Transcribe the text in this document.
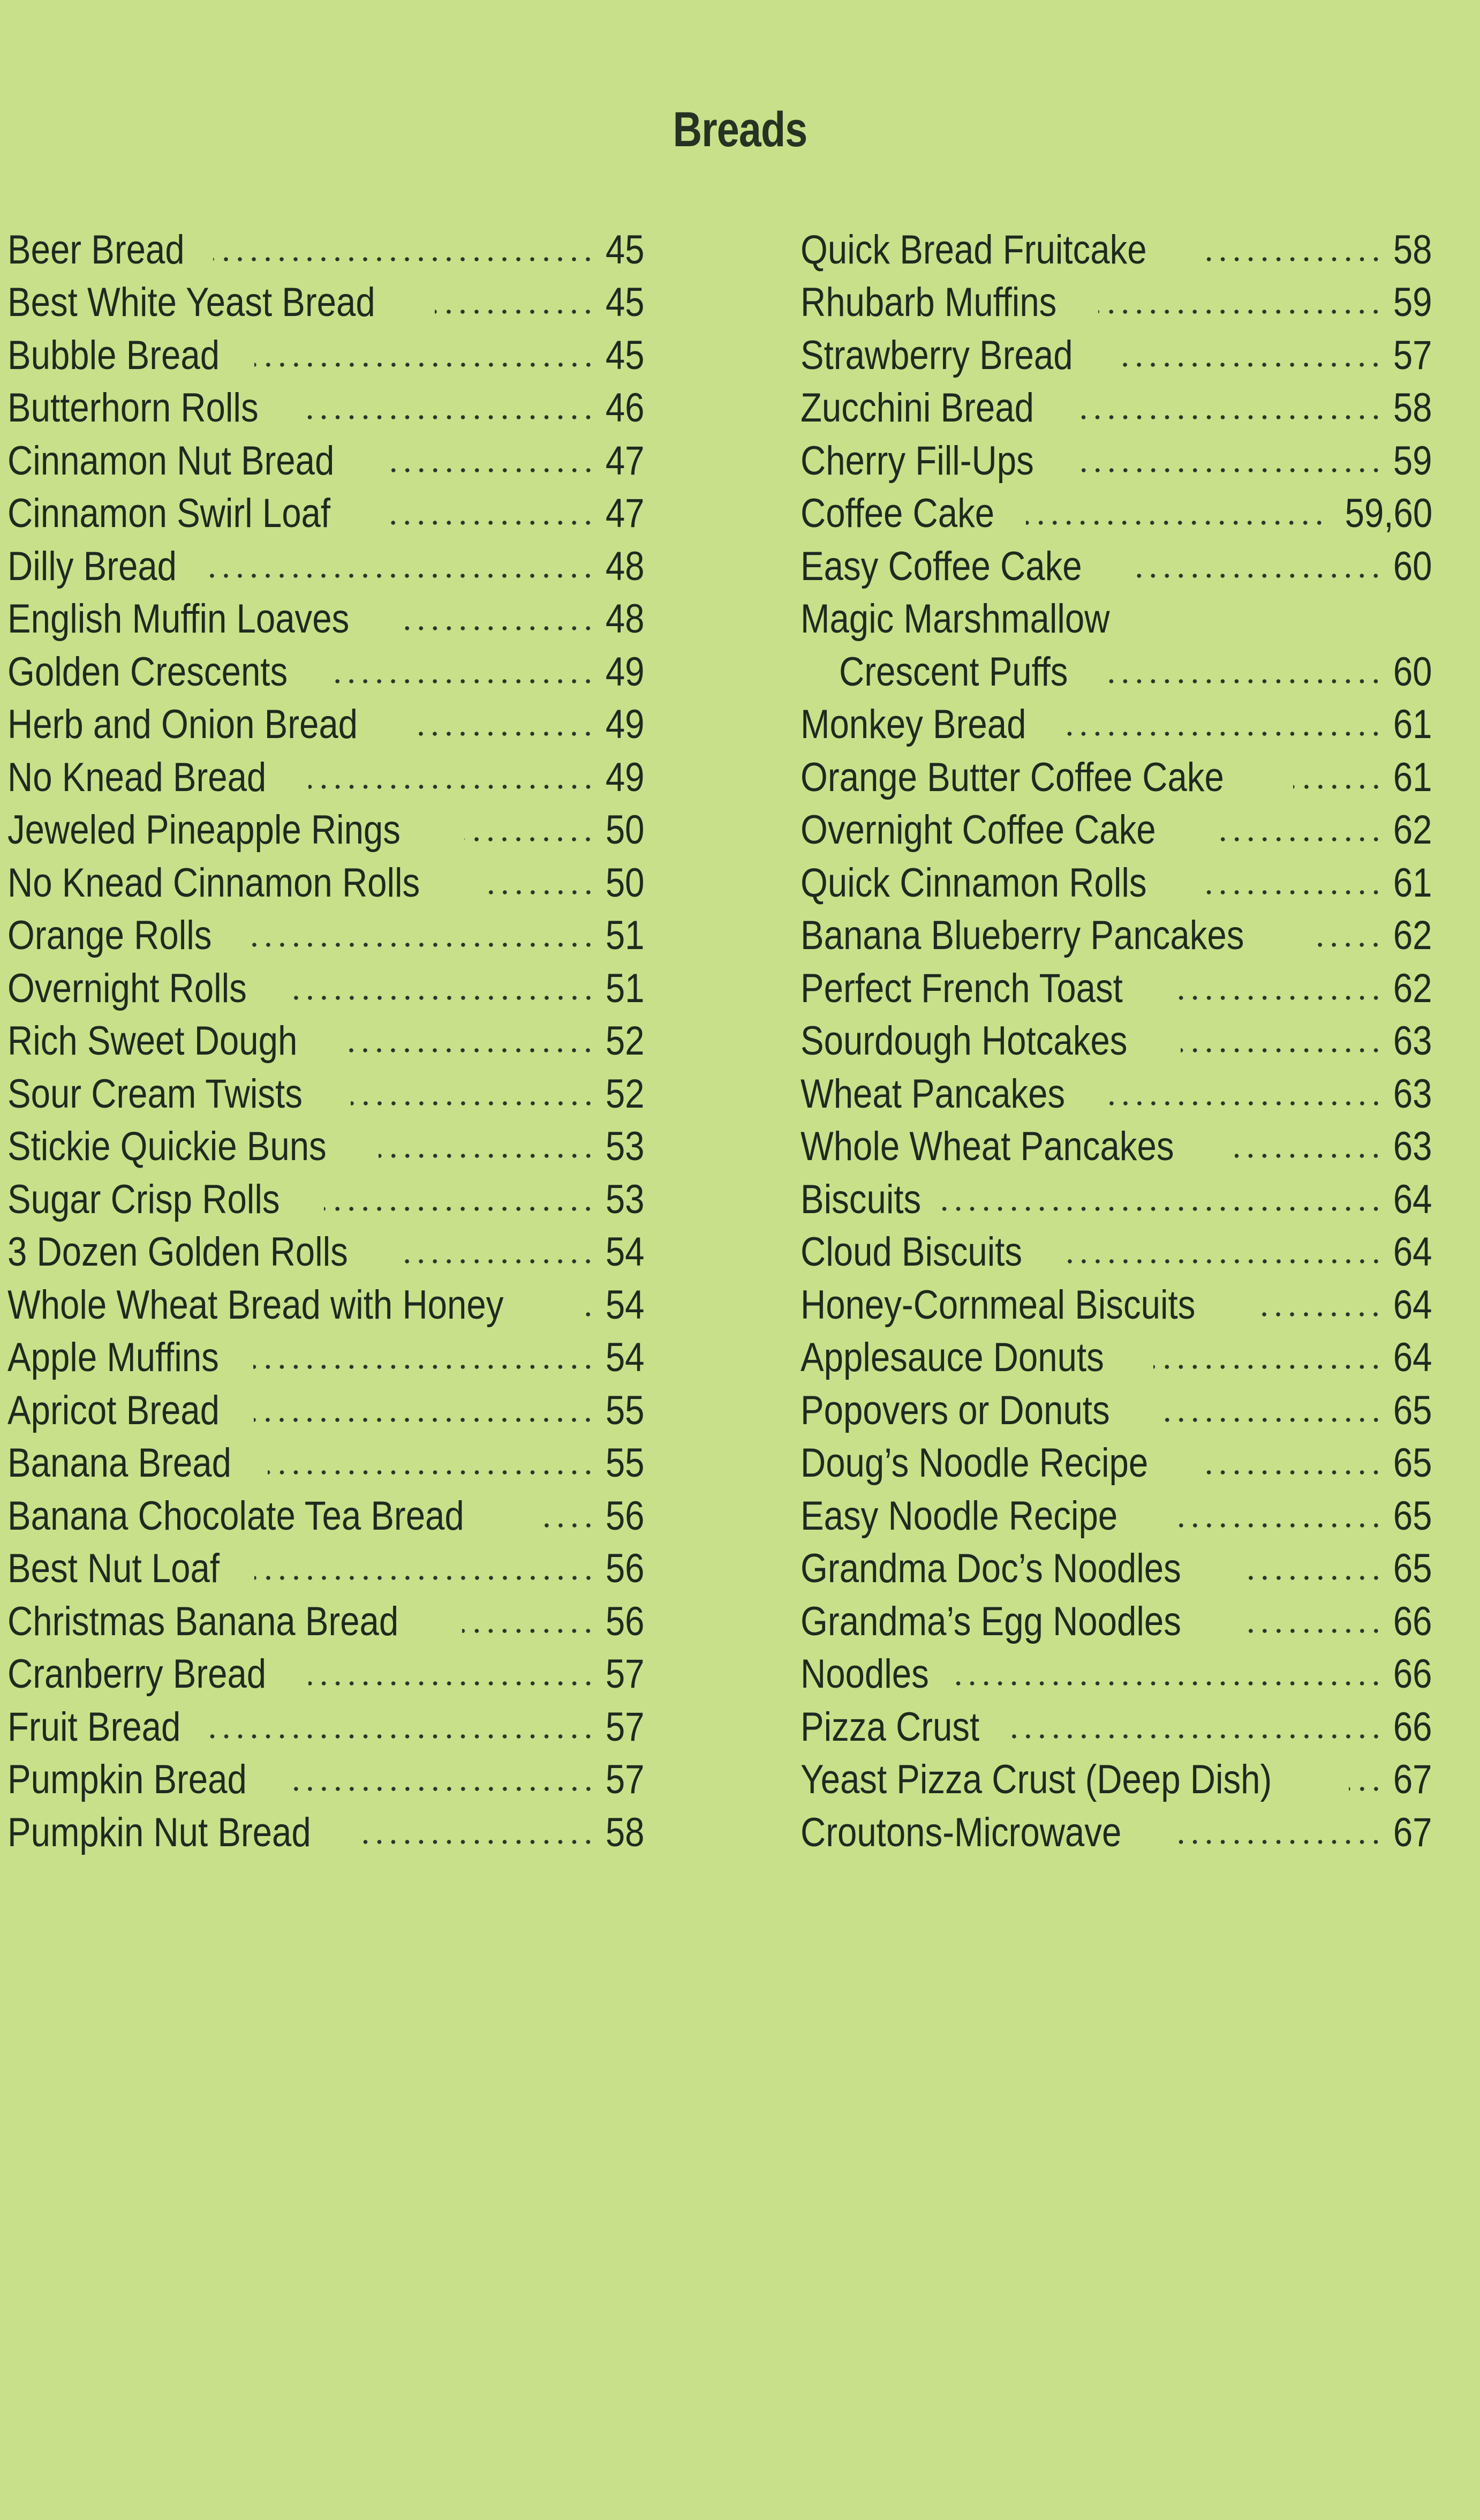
Breads
Beer Bread	45
Best White Yeast Bread	45
Bubble Bread	45
Butterhorn Rolls	46
Cinnamon Nut Bread	47
Cinnamon Swirl Loaf	47
Dilly Bread	48
English Muffin Loaves	48
Golden Crescents	49
Herb and Onion Bread	49
No Knead Bread	49
Jeweled Pineapple Rings	50
No Knead Cinnamon Rolls	50
Orange Rolls	51
Overnight Rolls	51
Rich Sweet Dough	52
Sour Cream Twists	52
Stickie Quickie Buns	53
Sugar Crisp Rolls	53
3 Dozen Golden Rolls	54
Whole Wheat Bread with Honey	54
Apple Muffins	54
Apricot Bread	55
Banana Bread	55
Banana Chocolate Tea Bread	56
Best Nut Loaf	56
Christmas Banana Bread	56
Cranberry Bread	57
Fruit Bread	57
Pumpkin Bread	57
Pumpkin Nut Bread	58
Quick Bread Fruitcake	58
Rhubarb Muffins	59
Strawberry Bread	57
Zucchini Bread	58
Cherry Fill-Ups	59
Coffee Cake	59,60
Easy Coffee Cake	60
Magic Marshmallow
Crescent Puffs	60
Monkey Bread	61
Orange Butter Coffee Cake	61
Overnight Coffee Cake	62
Quick Cinnamon Rolls	61
Banana Blueberry Pancakes	62
Perfect French Toast	62
Sourdough Hotcakes	63
Wheat Pancakes	63
Whole Wheat Pancakes	63
Biscuits	64
Cloud Biscuits	64
Honey-Cornmeal Biscuits	64
Applesauce Donuts	64
Popovers or Donuts	65
Doug’s Noodle Recipe	65
Easy Noodle Recipe	65
Grandma Doc’s Noodles	65
Grandma’s Egg Noodles	66
Noodles	66
Pizza Crust	66
Yeast Pizza Crust (Deep Dish)	67
Croutons-Microwave	67
